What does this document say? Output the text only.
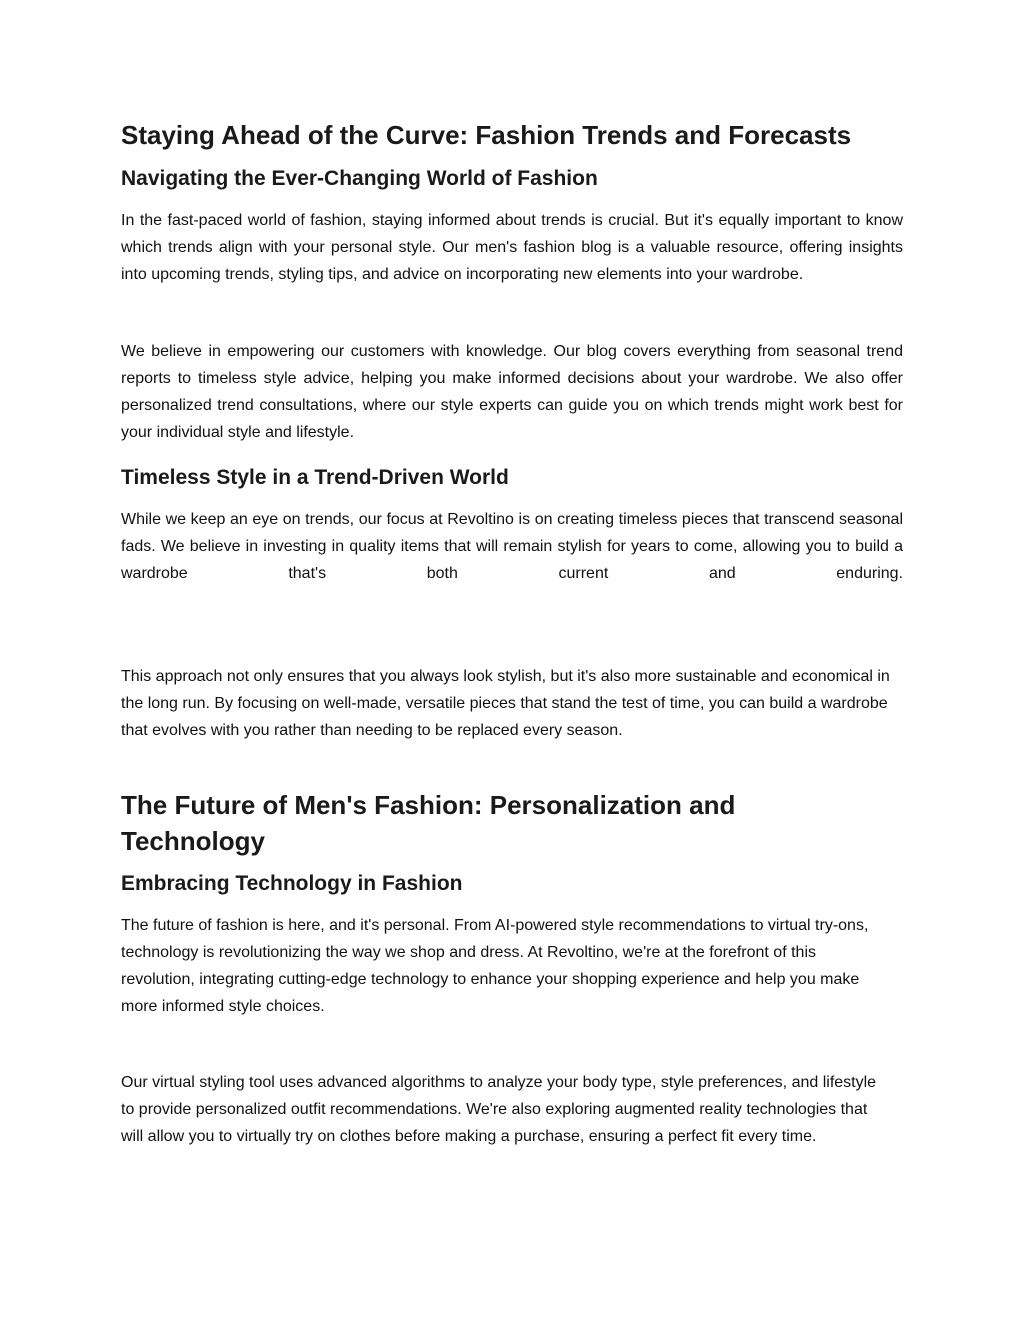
Staying Ahead of the Curve: Fashion Trends and Forecasts
Navigating the Ever-Changing World of Fashion

In the fast-paced world of fashion, staying informed about trends is crucial. But it's equally important to know which trends align with your personal style. Our men's fashion blog is a valuable resource, offering insights into upcoming trends, styling tips, and advice on incorporating new elements into your wardrobe.

We believe in empowering our customers with knowledge. Our blog covers everything from seasonal trend reports to timeless style advice, helping you make informed decisions about your wardrobe. We also offer personalized trend consultations, where our style experts can guide you on which trends might work best for your individual style and lifestyle.

Timeless Style in a Trend-Driven World

While we keep an eye on trends, our focus at Revoltino is on creating timeless pieces that transcend seasonal fads. We believe in investing in quality items that will remain stylish for years to come, allowing you to build a wardrobe that's both current and enduring.

This approach not only ensures that you always look stylish, but it's also more sustainable and economical in the long run. By focusing on well-made, versatile pieces that stand the test of time, you can build a wardrobe that evolves with you rather than needing to be replaced every season.

The Future of Men's Fashion: Personalization and Technology
Embracing Technology in Fashion

The future of fashion is here, and it's personal. From AI-powered style recommendations to virtual try-ons, technology is revolutionizing the way we shop and dress. At Revoltino, we're at the forefront of this revolution, integrating cutting-edge technology to enhance your shopping experience and help you make more informed style choices.

Our virtual styling tool uses advanced algorithms to analyze your body type, style preferences, and lifestyle to provide personalized outfit recommendations. We're also exploring augmented reality technologies that will allow you to virtually try on clothes before making a purchase, ensuring a perfect fit every time.
